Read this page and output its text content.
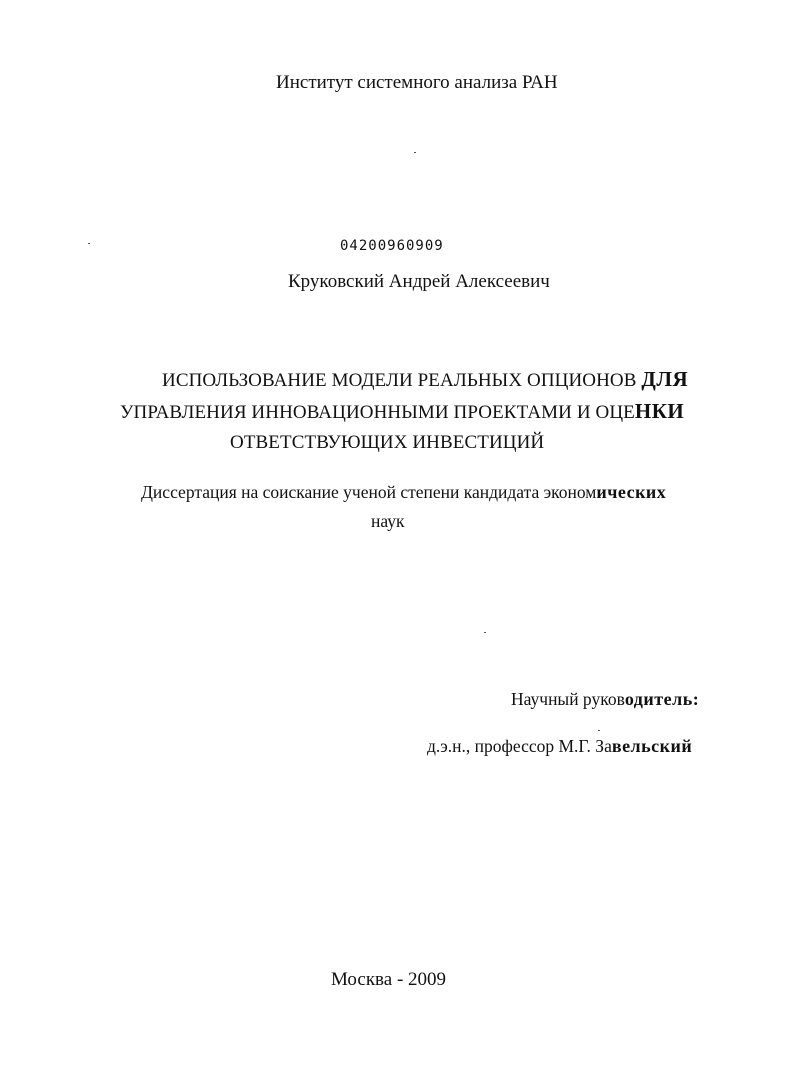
Институт системного анализа РАН
04200960909
Круковский Андрей Алексеевич
ИСПОЛЬЗОВАНИЕ МОДЕЛИ РЕАЛЬНЫХ ОПЦИОНОВ ДЛЯ
УПРАВЛЕНИЯ ИННОВАЦИОННЫМИ ПРОЕКТАМИ И ОЦЕНКИ
ОТВЕТСТВУЮЩИХ ИНВЕСТИЦИЙ
Диссертация на соискание ученой степени кандидата экономических
наук
Научный руководитель:
д.э.н., профессор М.Г. Завельский
Москва - 2009
